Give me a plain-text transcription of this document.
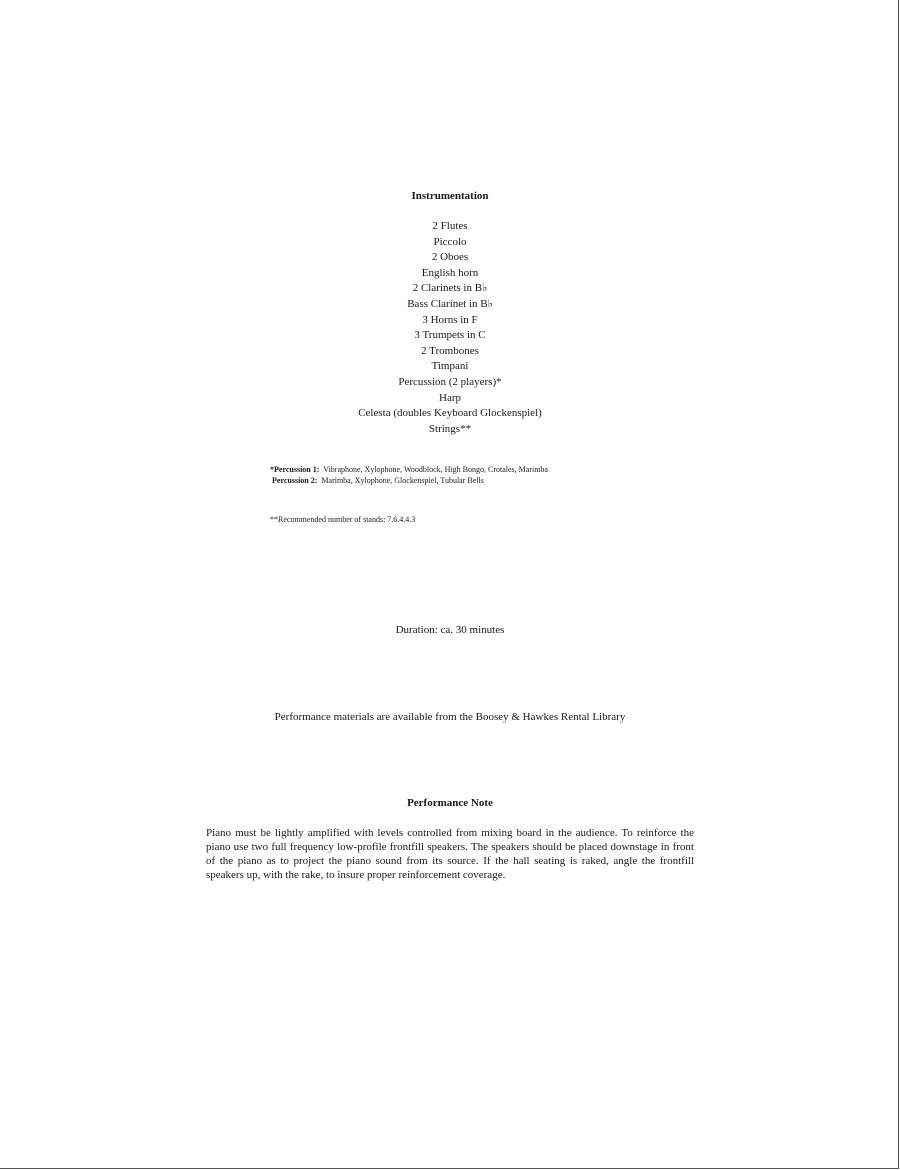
Instrumentation
2 Flutes
Piccolo
2 Oboes
English horn
2 Clarinets in B♭
Bass Clarinet in B♭
3 Horns in F
3 Trumpets in C
2 Trombones
Timpani
Percussion (2 players)*
Harp
Celesta (doubles Keyboard Glockenspiel)
Strings**
*Percussion 1: Vibraphone, Xylophone, Woodblock, High Bongo, Crotales, Marimba
Percussion 2: Marimba, Xylophone, Glockenspiel, Tubular Bells
**Recommended number of stands: 7.6.4.4.3
Duration: ca. 30 minutes
Performance materials are available from the Boosey & Hawkes Rental Library
Performance Note

Piano must be lightly amplified with levels controlled from mixing board in the audience. To reinforce the piano use two full frequency low-profile frontfill speakers. The speakers should be placed downstage in front of the piano as to project the piano sound from its source. If the hall seating is raked, angle the frontfill speakers up, with the rake, to insure proper reinforcement coverage.
